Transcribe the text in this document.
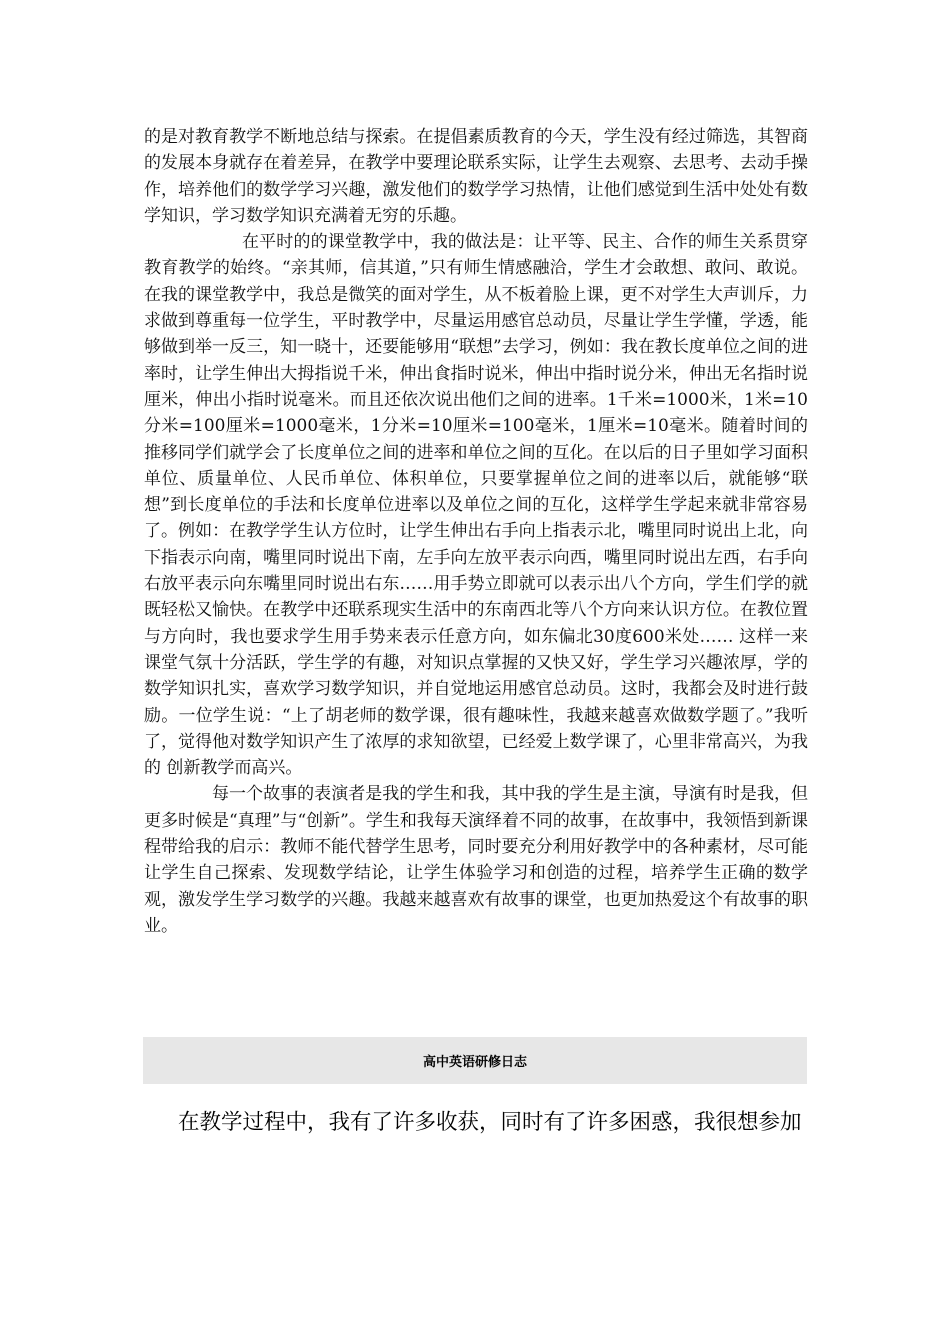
的是对教育教学不断地总结与探索。在提倡素质教育的今天，学生没有经过筛选，其智商的发展本身就存在着差异，在教学中要理论联系实际，让学生去观察、去思考、去动手操作，培养他们的数学学习兴趣，激发他们的数学学习热情，让他们感觉到生活中处处有数学知识，学习数学知识充满着无穷的乐趣。

在平时的的课堂教学中，我的做法是：让平等、民主、合作的师生关系贯穿教育教学的始终。“亲其师，信其道，”只有师生情感融洽，学生才会敢想、敢问、敢说。在我的课堂教学中，我总是微笑的面对学生，从不板着脸上课，更不对学生大声训斥，力求做到尊重每一位学生，平时教学中，尽量运用感官总动员，尽量让学生学懂，学透，能够做到举一反三，知一晓十，还要能够用“联想”去学习，例如：我在教长度单位之间的进率时，让学生伸出大拇指说千米，伸出食指时说米，伸出中指时说分米，伸出无名指时说厘米，伸出小指时说毫米。而且还依次说出他们之间的进率。1千米=1000米，1米=10分米=100厘米=1000毫米，1分米=10厘米=100毫米，1厘米=10毫米。随着时间的推移同学们就学会了长度单位之间的进率和单位之间的互化。在以后的日子里如学习面积单位、质量单位、人民币单位、体积单位，只要掌握单位之间的进率以后，就能够“联想”到长度单位的手法和长度单位进率以及单位之间的互化，这样学生学起来就非常容易了。例如：在教学学生认方位时，让学生伸出右手向上指表示北，嘴里同时说出上北，向下指表示向南，嘴里同时说出下南，左手向左放平表示向西，嘴里同时说出左西，右手向右放平表示向东嘴里同时说出右东……用手势立即就可以表示出八个方向，学生们学的就既轻松又愉快。在教学中还联系现实生活中的东南西北等八个方向来认识方位。在教位置与方向时，我也要求学生用手势来表示任意方向，如东偏北30度600米处…… 这样一来课堂气氛十分活跃，学生学的有趣，对知识点掌握的又快又好，学生学习兴趣浓厚，学的数学知识扎实，喜欢学习数学知识，并自觉地运用感官总动员。这时，我都会及时进行鼓励。一位学生说：“上了胡老师的数学课，很有趣味性，我越来越喜欢做数学题了。”我听了，觉得他对数学知识产生了浓厚的求知欲望，已经爱上数学课了，心里非常高兴，为我的 创新教学而高兴。

每一个故事的表演者是我的学生和我，其中我的学生是主演，导演有时是我，但更多时候是“真理”与“创新”。学生和我每天演绎着不同的故事，在故事中，我领悟到新课程带给我的启示：教师不能代替学生思考，同时要充分利用好教学中的各种素材，尽可能让学生自己探索、发现数学结论，让学生体验学习和创造的过程，培养学生正确的数学观，激发学生学习数学的兴趣。我越来越喜欢有故事的课堂，也更加热爱这个有故事的职业。

高中英语研修日志
在教学过程中，我有了许多收获，同时有了许多困惑，我很想参加
